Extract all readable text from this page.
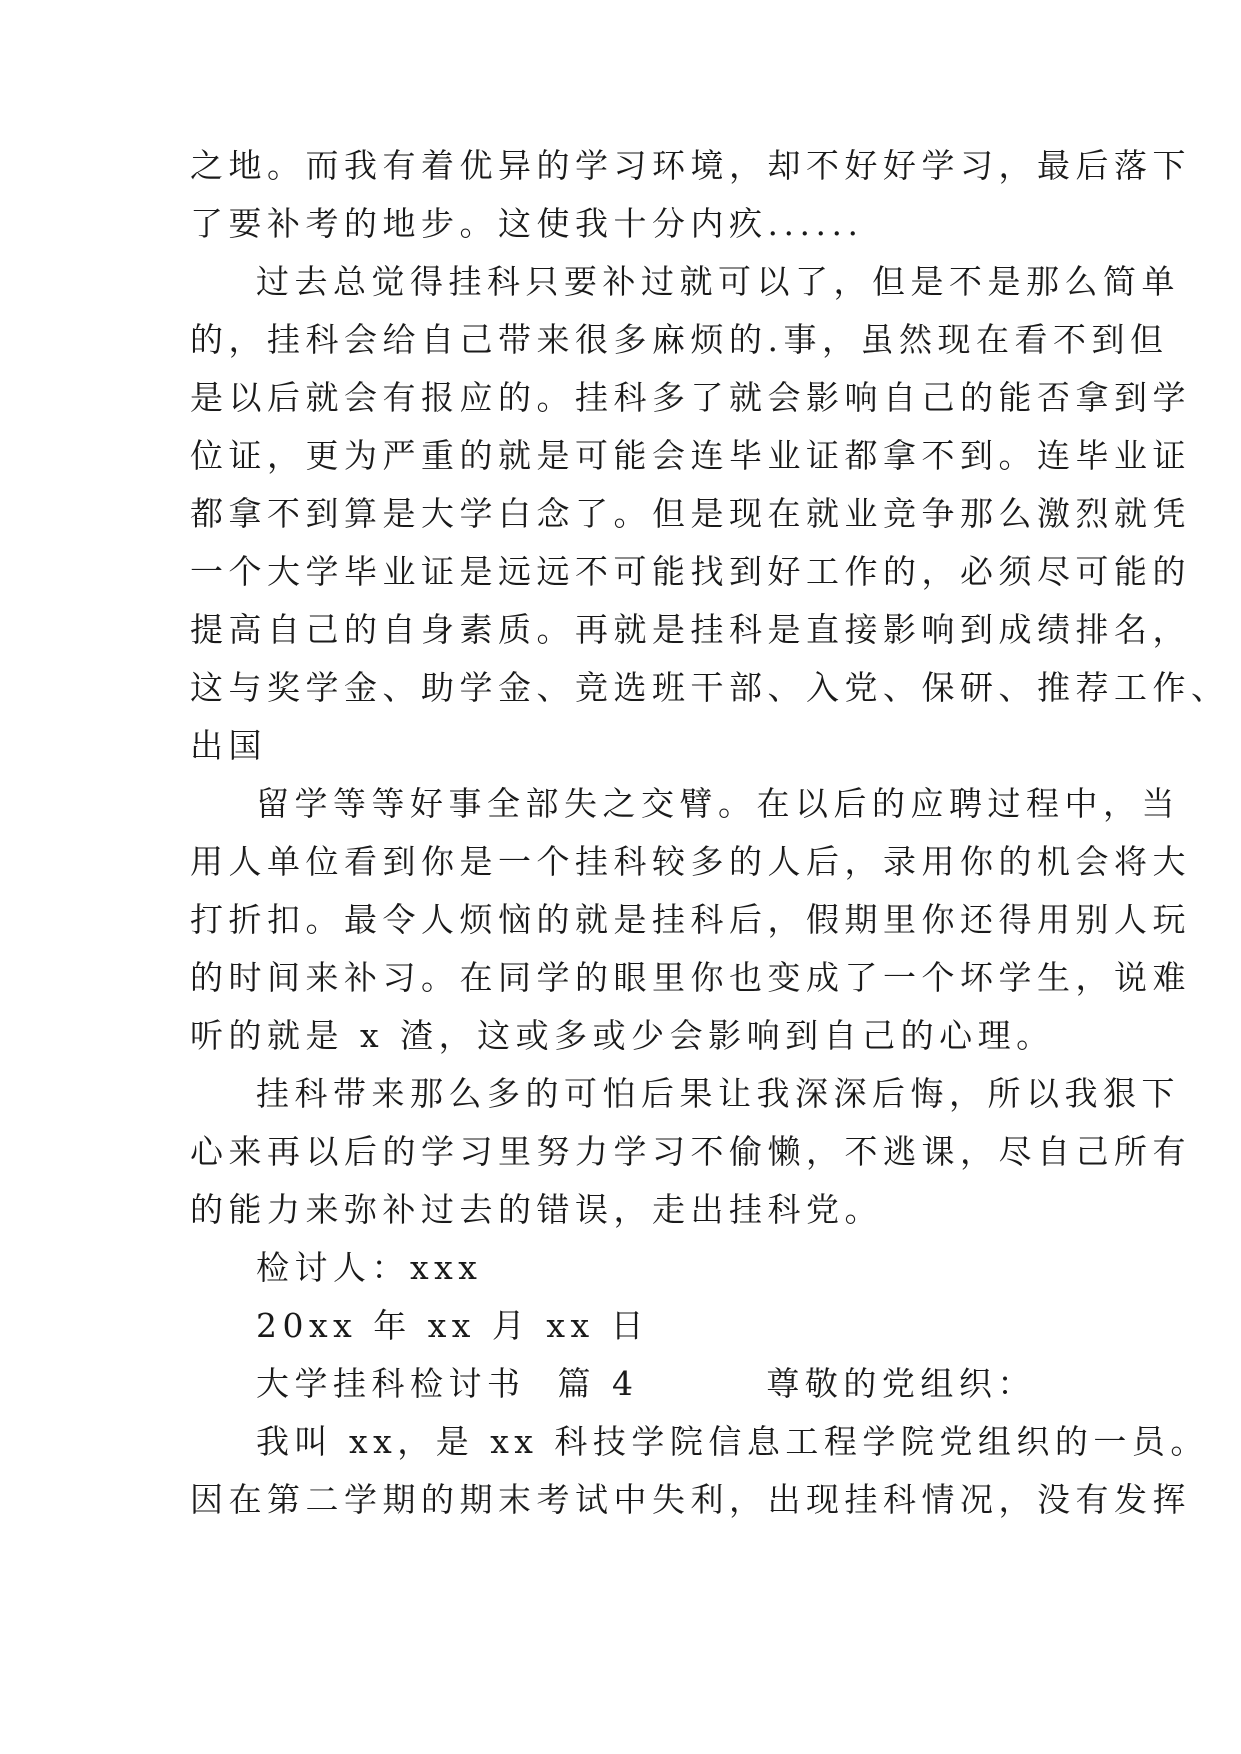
之地。而我有着优异的学习环境，却不好好学习，最后落下

了要补考的地步。这使我十分内疚......

过去总觉得挂科只要补过就可以了，但是不是那么简单

的，挂科会给自己带来很多麻烦的.事，虽然现在看不到但

是以后就会有报应的。挂科多了就会影响自己的能否拿到学

位证，更为严重的就是可能会连毕业证都拿不到。连毕业证

都拿不到算是大学白念了。但是现在就业竞争那么激烈就凭

一个大学毕业证是远远不可能找到好工作的，必须尽可能的

提高自己的自身素质。再就是挂科是直接影响到成绩排名，

这与奖学金、助学金、竞选班干部、入党、保研、推荐工作、

出国

留学等等好事全部失之交臂。在以后的应聘过程中，当

用人单位看到你是一个挂科较多的人后，录用你的机会将大

打折扣。最令人烦恼的就是挂科后，假期里你还得用别人玩

的时间来补习。在同学的眼里你也变成了一个坏学生，说难

听的就是 x 渣，这或多或少会影响到自己的心理。

挂科带来那么多的可怕后果让我深深后悔，所以我狠下

心来再以后的学习里努力学习不偷懒，不逃课，尽自己所有

的能力来弥补过去的错误，走出挂科党。

检讨人：xxx

20xx 年 xx 月 xx 日

大学挂科检讨书  篇 4        尊敬的党组织：

我叫 xx，是 xx 科技学院信息工程学院党组织的一员。

因在第二学期的期末考试中失利，出现挂科情况，没有发挥
